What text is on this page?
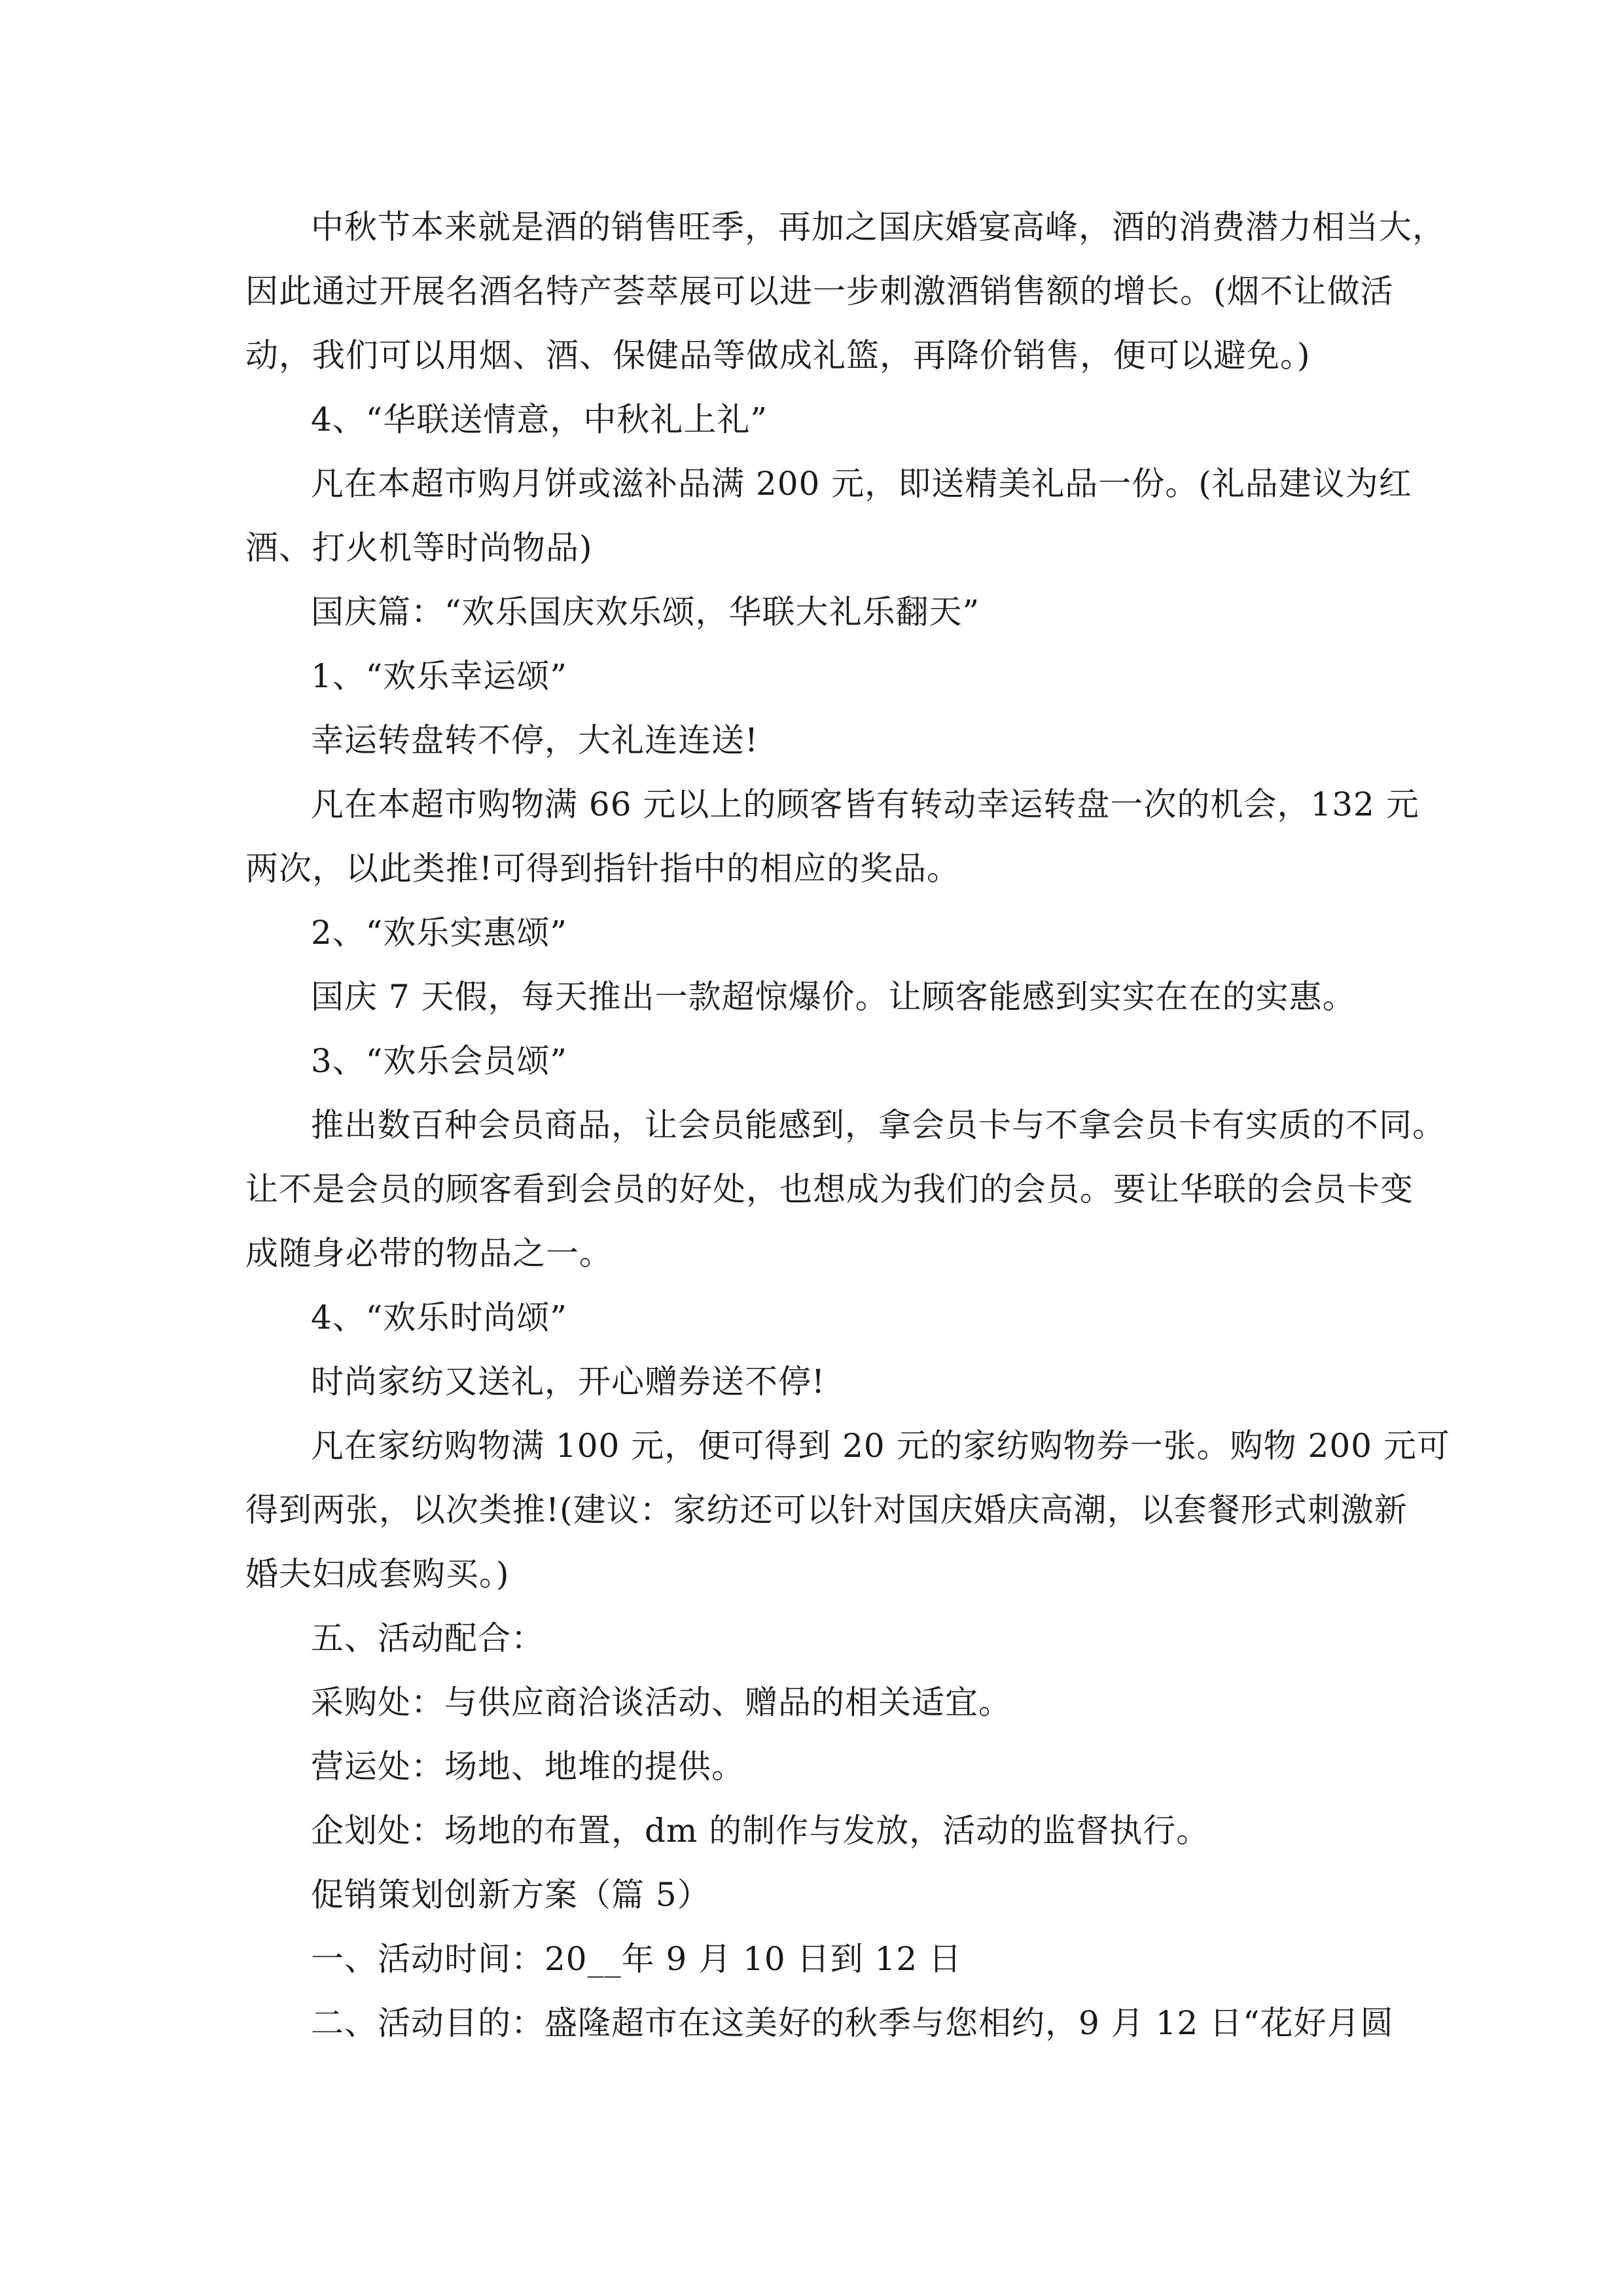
中秋节本来就是酒的销售旺季，再加之国庆婚宴高峰，酒的消费潜力相当大，
因此通过开展名酒名特产荟萃展可以进一步刺激酒销售额的增长。(烟不让做活
动，我们可以用烟、酒、保健品等做成礼篮，再降价销售，便可以避免。)
4、“华联送情意，中秋礼上礼”
凡在本超市购月饼或滋补品满 200 元，即送精美礼品一份。(礼品建议为红
酒、打火机等时尚物品)
国庆篇：“欢乐国庆欢乐颂，华联大礼乐翻天”
1、“欢乐幸运颂”
幸运转盘转不停，大礼连连送!
凡在本超市购物满 66 元以上的顾客皆有转动幸运转盘一次的机会，132 元
两次，以此类推!可得到指针指中的相应的奖品。
2、“欢乐实惠颂”
国庆 7 天假，每天推出一款超惊爆价。让顾客能感到实实在在的实惠。
3、“欢乐会员颂”
推出数百种会员商品，让会员能感到，拿会员卡与不拿会员卡有实质的不同。
让不是会员的顾客看到会员的好处，也想成为我们的会员。要让华联的会员卡变
成随身必带的物品之一。
4、“欢乐时尚颂”
时尚家纺又送礼，开心赠券送不停!
凡在家纺购物满 100 元，便可得到 20 元的家纺购物券一张。购物 200 元可
得到两张，以次类推!(建议：家纺还可以针对国庆婚庆高潮，以套餐形式刺激新
婚夫妇成套购买。)
五、活动配合：
采购处：与供应商洽谈活动、赠品的相关适宜。
营运处：场地、地堆的提供。
企划处：场地的布置，dm 的制作与发放，活动的监督执行。
促销策划创新方案（篇 5）
一、活动时间：20__年 9 月 10 日到 12 日
二、活动目的：盛隆超市在这美好的秋季与您相约，9 月 12 日“花好月圆
